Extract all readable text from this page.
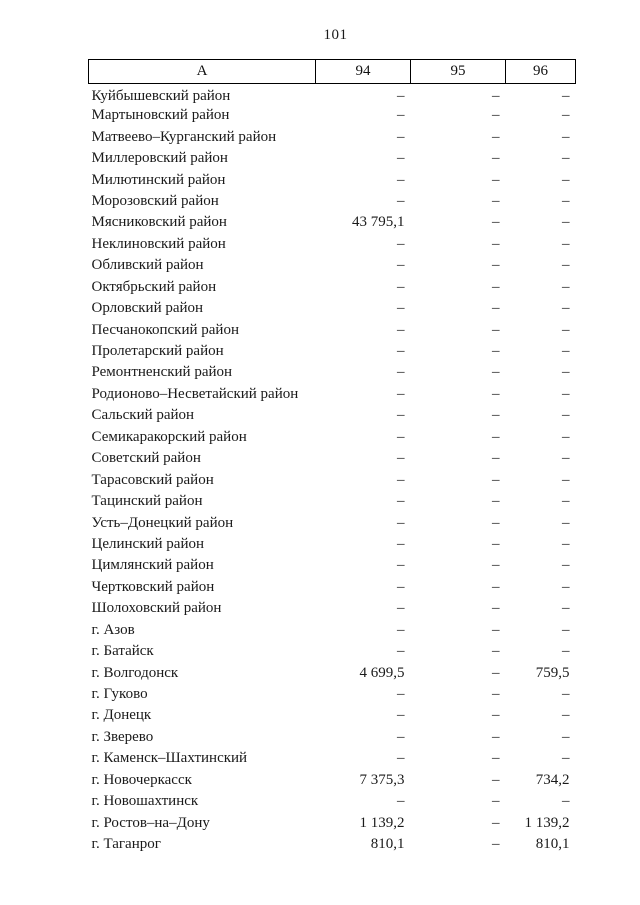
101
А	94	95	96
Куйбышевский район	–	–	–
Мартыновский район	–	–	–
Матвеево–Курганский район	–	–	–
Миллеровский район	–	–	–
Милютинский район	–	–	–
Морозовский район	–	–	–
Мясниковский район	43 795,1	–	–
Неклиновский район	–	–	–
Обливский район	–	–	–
Октябрьский район	–	–	–
Орловский район	–	–	–
Песчанокопский район	–	–	–
Пролетарский район	–	–	–
Ремонтненский район	–	–	–
Родионово–Несветайский район	–	–	–
Сальский район	–	–	–
Семикаракорский район	–	–	–
Советский район	–	–	–
Тарасовский район	–	–	–
Тацинский район	–	–	–
Усть–Донецкий район	–	–	–
Целинский район	–	–	–
Цимлянский район	–	–	–
Чертковский район	–	–	–
Шолоховский район	–	–	–
г. Азов	–	–	–
г. Батайск	–	–	–
г. Волгодонск	4 699,5	–	759,5
г. Гуково	–	–	–
г. Донецк	–	–	–
г. Зверево	–	–	–
г. Каменск–Шахтинский	–	–	–
г. Новочеркасск	7 375,3	–	734,2
г. Новошахтинск	–	–	–
г. Ростов–на–Дону	1 139,2	–	1 139,2
г. Таганрог	810,1	–	810,1
